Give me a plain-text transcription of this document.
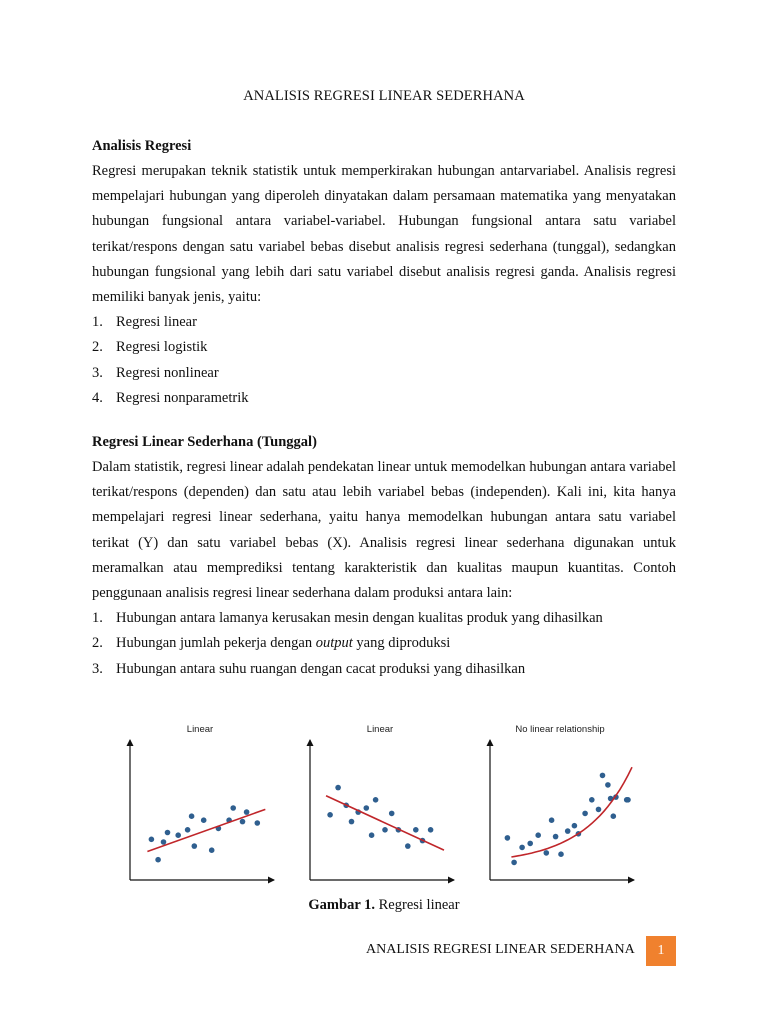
ANALISIS REGRESI LINEAR SEDERHANA
Analisis Regresi

Regresi merupakan teknik statistik untuk memperkirakan hubungan antarvariabel. Analisis regresi mempelajari hubungan yang diperoleh dinyatakan dalam persamaan matematika yang menyatakan hubungan fungsional antara variabel-variabel. Hubungan fungsional antara satu variabel terikat/respons dengan satu variabel bebas disebut analisis regresi sederhana (tunggal), sedangkan hubungan fungsional yang lebih dari satu variabel disebut analisis regresi ganda. Analisis regresi memiliki banyak jenis, yaitu:

1. Regresi linear
2. Regresi logistik
3. Regresi nonlinear
4. Regresi nonparametrik
Regresi Linear Sederhana (Tunggal)

Dalam statistik, regresi linear adalah pendekatan linear untuk memodelkan hubungan antara variabel terikat/respons (dependen) dan satu atau lebih variabel bebas (independen). Kali ini, kita hanya mempelajari regresi linear sederhana, yaitu hanya memodelkan hubungan antara satu variabel terikat (Y) dan satu variabel bebas (X). Analisis regresi linear sederhana digunakan untuk meramalkan atau memprediksi tentang karakteristik dan kualitas maupun kuantitas. Contoh penggunaan analisis regresi linear sederhana dalam produksi antara lain:

1. Hubungan antara lamanya kerusakan mesin dengan kualitas produk yang dihasilkan
2. Hubungan jumlah pekerja dengan output yang diproduksi
3. Hubungan antara suhu ruangan dengan cacat produksi yang dihasilkan
Linear	Linear	No linear relationship
Gambar 1. Regresi linear
ANALISIS REGRESI LINEAR SEDERHANA	1
